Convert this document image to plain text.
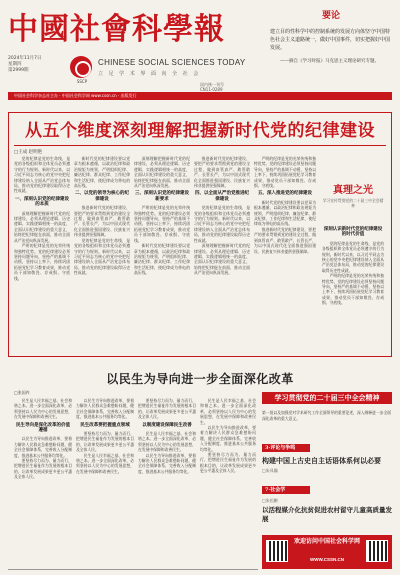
中國社會科學報
2024年11月7日
星期四
第2999期
SSCP
CHINESE SOCIAL SCIENCES TODAY
立 足 学 术 界 面 向 全 社 会
国内统一刊号
CN11-0289
中国社会科学杂志社主办 · 中国社会科学网 www.cssn.cn · 出版发行
要论
建立目的性科学中的控制系统的发展方向体坚守中国特色社会主义道路统一，做好中国事件，切实把握好中国发展。
——摘自《学习时报》马克思主义理论研究专题。
从五个维度深刻理解把握新时代党的纪律建设
□王成 赵明艳

党的纪律是党的生命线，是党的各级组织和全体党员必须遵守的行为规则。新时代以来，以习近平同志为核心的党中央把纪律建设纳入全面从严治党总体布局，推动党的纪律建设取得历史性成就。

一、深刻认识党的纪律建设的本质

深刻理解把握新时代党的纪律建设，必须从理论逻辑、历史逻辑、实践逻辑相统一的高度，全面认识纪律建设的重大意义，始终把纪律挺在前面，推动全面从严治党向纵深发展。

严明的纪律是党的光荣传统和独特优势。党的纪律建设必须坚持问题导向，坚持严的基调不动摇，坚持以上率下，持续巩固拓展党纪学习教育成果，推动党员干部知敬畏、存戒惧、守底线。

新时代党的纪律建设要以党章为根本遵循，以政治纪律和政治规矩为统领，严明组织纪律、廉洁纪律、群众纪律、工作纪律和生活纪律，使纪律成为带电的高压线。

二、以党的领导为核心的纪律建设

推进新时代党的纪律建设，要把严的要求贯彻到党的建设全过程，做到真管真严、敢管敢严、长管长严，为以中国式现代化全面推进强国建设、民族复兴伟业提供坚强保障。

党的纪律是党的生命线，是党的各级组织和全体党员必须遵守的行为规则。新时代以来，以习近平同志为核心的党中央把纪律建设纳入全面从严治党总体布局，推动党的纪律建设取得历史性成就。

深刻理解把握新时代党的纪律建设，必须从理论逻辑、历史逻辑、实践逻辑相统一的高度，全面认识纪律建设的重大意义，始终把纪律挺在前面，推动全面从严治党向纵深发展。

三、深刻认识党的纪律建设新要求

严明的纪律是党的光荣传统和独特优势。党的纪律建设必须坚持问题导向，坚持严的基调不动摇，坚持以上率下，持续巩固拓展党纪学习教育成果，推动党员干部知敬畏、存戒惧、守底线。

新时代党的纪律建设要以党章为根本遵循，以政治纪律和政治规矩为统领，严明组织纪律、廉洁纪律、群众纪律、工作纪律和生活纪律，使纪律成为带电的高压线。

推进新时代党的纪律建设，要把严的要求贯彻到党的建设全过程，做到真管真严、敢管敢严、长管长严，为以中国式现代化全面推进强国建设、民族复兴伟业提供坚强保障。

四、以全面从严治党推进纪律建设

党的纪律是党的生命线，是党的各级组织和全体党员必须遵守的行为规则。新时代以来，以习近平同志为核心的党中央把纪律建设纳入全面从严治党总体布局，推动党的纪律建设取得历史性成就。

深刻理解把握新时代党的纪律建设，必须从理论逻辑、历史逻辑、实践逻辑相统一的高度，全面认识纪律建设的重大意义，始终把纪律挺在前面，推动全面从严治党向纵深发展。

严明的纪律是党的光荣传统和独特优势。党的纪律建设必须坚持问题导向，坚持严的基调不动摇，坚持以上率下，持续巩固拓展党纪学习教育成果，推动党员干部知敬畏、存戒惧、守底线。

五、深入推进党的纪律建设

新时代党的纪律建设要以党章为根本遵循，以政治纪律和政治规矩为统领，严明组织纪律、廉洁纪律、群众纪律、工作纪律和生活纪律，使纪律成为带电的高压线。

推进新时代党的纪律建设，要把严的要求贯彻到党的建设全过程，做到真管真严、敢管敢严、长管长严，为以中国式现代化全面推进强国建设、民族复兴伟业提供坚强保障。

真理之光
学习宣传贯彻党的二十届三中全会精神
深刻认识新时代党的纪律建设的时代价值

党的纪律是党的生命线，是党的各级组织和全体党员必须遵守的行为规则。新时代以来，以习近平同志为核心的党中央把纪律建设纳入全面从严治党总体布局，推动党的纪律建设取得历史性成就。

严明的纪律是党的光荣传统和独特优势。党的纪律建设必须坚持问题导向，坚持严的基调不动摇，坚持以上率下，持续巩固拓展党纪学习教育成果，推动党员干部知敬畏、存戒惧、守底线。

以民生为导向进一步全面深化改革
□张国祚

民生是人民幸福之基、社会和谐之本。进一步全面深化改革，必须坚持以人民为中心的发展思想，在发展中保障和改善民生。

民生导向是深化改革的价值遵循

以民生为导向推进改革，要着力解决人民群众急难愁盼问题，健全社会保障体系，完善收入分配制度，推进基本公共服务均等化。

要坚持尽力而为、量力而行，把增进民生福祉作为发展的根本目的，让改革发展成果更多更公平惠及全体人民。

以民生为导向推进改革，要着力解决人民群众急难愁盼问题，健全社会保障体系，完善收入分配制度，推进基本公共服务均等化。

民生改革要把握重点领域

要坚持尽力而为、量力而行，把增进民生福祉作为发展的根本目的，让改革发展成果更多更公平惠及全体人民。

民生是人民幸福之基、社会和谐之本。进一步全面深化改革，必须坚持以人民为中心的发展思想，在发展中保障和改善民生。

要坚持尽力而为、量力而行，把增进民生福祉作为发展的根本目的，让改革发展成果更多更公平惠及全体人民。

以制度建设保障民生改善

民生是人民幸福之基、社会和谐之本。进一步全面深化改革，必须坚持以人民为中心的发展思想，在发展中保障和改善民生。

以民生为导向推进改革，要着力解决人民群众急难愁盼问题，健全社会保障体系，完善收入分配制度，推进基本公共服务均等化。

民生是人民幸福之基、社会和谐之本。进一步全面深化改革，必须坚持以人民为中心的发展思想，在发展中保障和改善民生。

以民生为导向推进改革，要着力解决人民群众急难愁盼问题，健全社会保障体系，完善收入分配制度，推进基本公共服务均等化。

要坚持尽力而为、量力而行，把增进民生福祉作为发展的根本目的，让改革发展成果更多更公平惠及全体人民。

学习贯彻党的二十届三中全会精神
第一批以及加强党对学术研究工作全面领导的重要论述，深入阐释进一步全面深化改革的重大意义。
3·评论与争鸣
构建中国上古史自主话语体系何以必要
□朱凤瀚
7·社会学
□朱恒鹏
以活程媒介化抗贫促进农村留守儿童高质量发展
欢迎访问中国社会科学网
WWW.CSSN.CN
